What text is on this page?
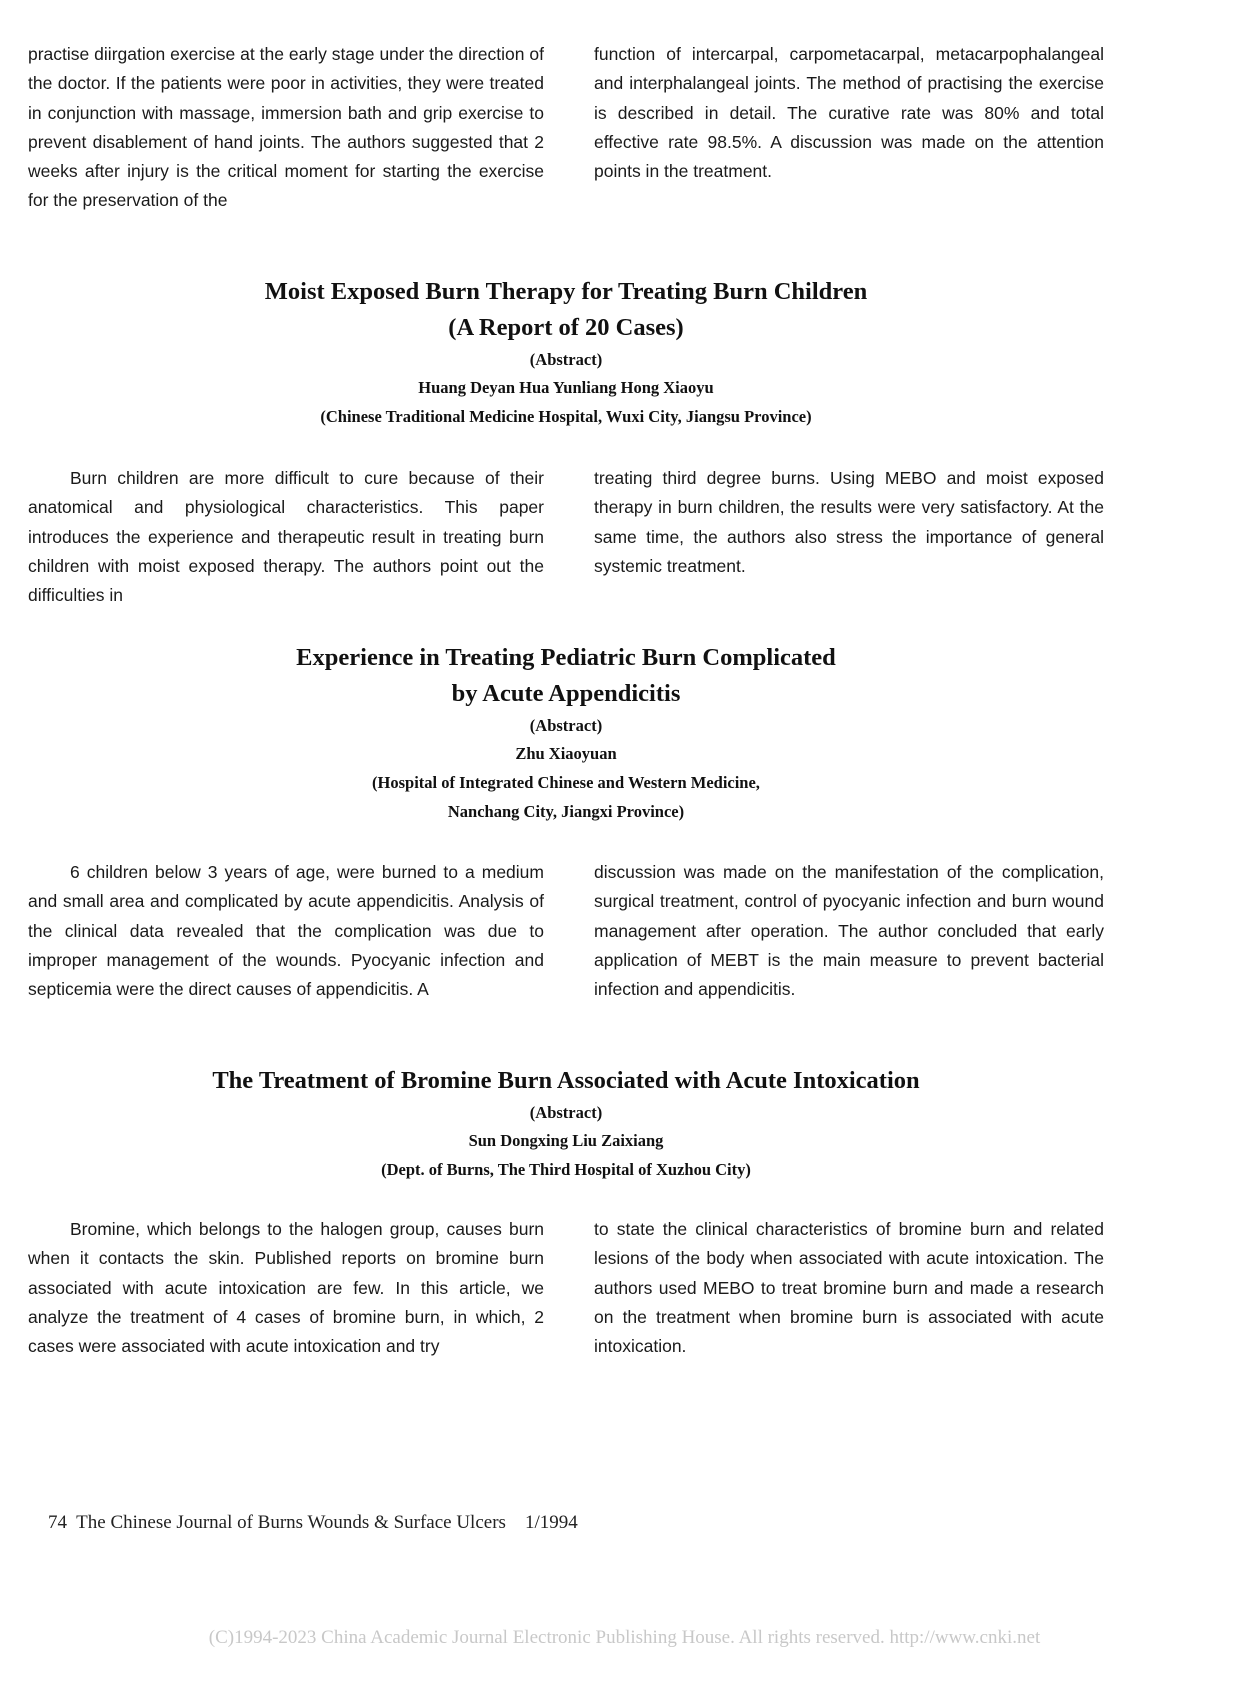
practise diirgation exercise at the early stage under the direction of the doctor. If the patients were poor in activities, they were treated in conjunction with massage, immersion bath and grip exercise to prevent disablement of hand joints. The authors suggested that 2 weeks after injury is the critical moment for starting the exercise for the preservation of the
function of intercarpal, carpometacarpal, metacarpophalangeal and interphalangeal joints. The method of practising the exercise is described in detail. The curative rate was 80% and total effective rate 98.5%. A discussion was made on the attention points in the treatment.
Moist Exposed Burn Therapy for Treating Burn Children
(A Report of 20 Cases)
(Abstract)
Huang Deyan Hua Yunliang Hong Xiaoyu
(Chinese Traditional Medicine Hospital, Wuxi City, Jiangsu Province)
Burn children are more difficult to cure because of their anatomical and physiological characteristics. This paper introduces the experience and therapeutic result in treating burn children with moist exposed therapy. The authors point out the difficulties in
treating third degree burns. Using MEBO and moist exposed therapy in burn children, the results were very satisfactory. At the same time, the authors also stress the importance of general systemic treatment.
Experience in Treating Pediatric Burn Complicated
by Acute Appendicitis
(Abstract)
Zhu Xiaoyuan
(Hospital of Integrated Chinese and Western Medicine,
Nanchang City, Jiangxi Province)
6 children below 3 years of age, were burned to a medium and small area and complicated by acute appendicitis. Analysis of the clinical data revealed that the complication was due to improper management of the wounds. Pyocyanic infection and septicemia were the direct causes of appendicitis. A
discussion was made on the manifestation of the complication, surgical treatment, control of pyocyanic infection and burn wound management after operation. The author concluded that early application of MEBT is the main measure to prevent bacterial infection and appendicitis.
The Treatment of Bromine Burn Associated with Acute Intoxication
(Abstract)
Sun Dongxing Liu Zaixiang
(Dept. of Burns, The Third Hospital of Xuzhou City)
Bromine, which belongs to the halogen group, causes burn when it contacts the skin. Published reports on bromine burn associated with acute intoxication are few. In this article, we analyze the treatment of 4 cases of bromine burn, in which, 2 cases were associated with acute intoxication and try
to state the clinical characteristics of bromine burn and related lesions of the body when associated with acute intoxication. The authors used MEBO to treat bromine burn and made a research on the treatment when bromine burn is associated with acute intoxication.
74 The Chinese Journal of Burns Wounds & Surface Ulcers 1/1994
(C)1994-2023 China Academic Journal Electronic Publishing House. All rights reserved. http://www.cnki.net
